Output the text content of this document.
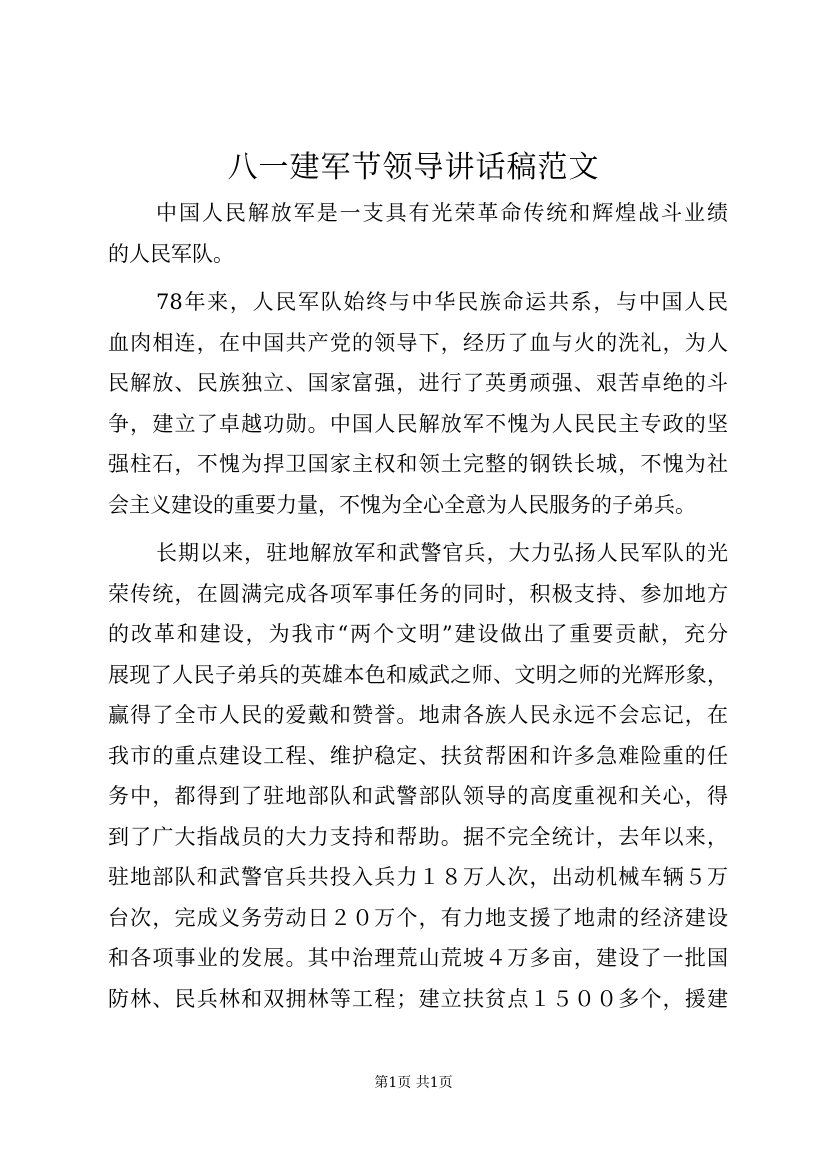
八一建军节领导讲话稿范文
中国人民解放军是一支具有光荣革命传统和辉煌战斗业绩
的人民军队。
78年来，人民军队始终与中华民族命运共系，与中国人民
血肉相连，在中国共产党的领导下，经历了血与火的洗礼，为人
民解放、民族独立、国家富强，进行了英勇顽强、艰苦卓绝的斗
争，建立了卓越功勋。中国人民解放军不愧为人民民主专政的坚
强柱石，不愧为捍卫国家主权和领土完整的钢铁长城，不愧为社
会主义建设的重要力量，不愧为全心全意为人民服务的子弟兵。
长期以来，驻地解放军和武警官兵，大力弘扬人民军队的光
荣传统，在圆满完成各项军事任务的同时，积极支持、参加地方
的改革和建设，为我市“两个文明”建设做出了重要贡献，充分
展现了人民子弟兵的英雄本色和威武之师、文明之师的光辉形象，
赢得了全市人民的爱戴和赞誉。地肃各族人民永远不会忘记，在
我市的重点建设工程、维护稳定、扶贫帮困和许多急难险重的任
务中，都得到了驻地部队和武警部队领导的高度重视和关心，得
到了广大指战员的大力支持和帮助。据不完全统计，去年以来，
驻地部队和武警官兵共投入兵力１８万人次，出动机械车辆５万
台次，完成义务劳动日２０万个，有力地支援了地肃的经济建设
和各项事业的发展。其中治理荒山荒坡４万多亩，建设了一批国
防林、民兵林和双拥林等工程；建立扶贫点１５００多个，援建
第1页 共1页
